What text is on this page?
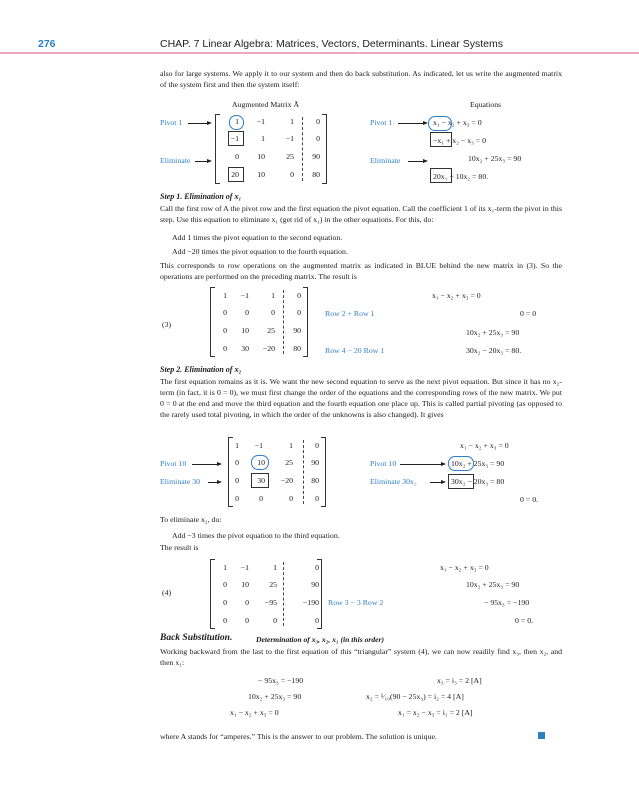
276	CHAP. 7 Linear Algebra: Matrices, Vectors, Determinants. Linear Systems

also for large systems. We apply it to our system and then do back substitution. As indicated, let us write the augmented matrix of the system first and then the system itself:

Augmented Matrix Ã	Equations
Pivot 1
Eliminate
1	−1	1	0
−1	1	−1	0
0	10	25	90
20	10	0	80
Pivot 1
Eliminate
x₁ − x₂ + x₃ = 0
−x₁ + x₂ − x₃ = 0
10x₂ + 25x₃ = 90
20x₁ + 10x₂ = 80.
Step 1. Elimination of x₁

Call the first row of A the pivot row and the first equation the pivot equation. Call the coefficient 1 of its x₁-term the pivot in this step. Use this equation to eliminate x₁ (get rid of x₁) in the other equations. For this, do:

Add 1 times the pivot equation to the second equation.

Add −20 times the pivot equation to the fourth equation.

This corresponds to row operations on the augmented matrix as indicated in BLUE behind the new matrix in (3). So the operations are performed on the preceding matrix. The result is

(3)
1	−1	1	0
0	0	0	0
0	10	25	90
0	30	−20	80
Row 2 + Row 1
Row 4 − 20 Row 1
x₁ − x₂ + x₃ = 0
0 = 0
10x₂ + 25x₃ = 90
30x₂ − 20x₃ = 80.
Step 2. Elimination of x₂

The first equation remains as it is. We want the new second equation to serve as the next pivot equation. But since it has no x₂-term (in fact, it is 0 = 0), we must first change the order of the equations and the corresponding rows of the new matrix. We put 0 = 0 at the end and move the third equation and the fourth equation one place up. This is called partial pivoting (as opposed to the rarely used total pivoting, in which the order of the unknowns is also changed). It gives

Pivot 10
Eliminate 30
1	−1	1	0
0	10	25	90
0	30	−20	80
0	0	0	0
Pivot 10
Eliminate 30x₂
x₁ − x₂ + x₃ = 0
10x₂ + 25x₃ = 90
30x₂ − 20x₃ = 80
0 = 0.

To eliminate x₂, do:

Add −3 times the pivot equation to the third equation.

The result is

(4)
1	−1	1	0
0	10	25	90
0	0	−95	−190
0	0	0	0
Row 3 − 3 Row 2
x₁ − x₂ + x₃ = 0
10x₂ + 25x₃ = 90
− 95x₃ = −190
0 = 0.
Back Substitution.	Determination of x₃, x₂, x₁ (in this order)

Working backward from the last to the first equation of this “triangular” system (4), we can now readily find x₃, then x₂, and then x₁:

− 95x₃ = −190
10x₂ + 25x₃ = 90
x₁ − x₂ + x₃ = 0
x₃ = i₃ = 2 [A]
x₂ = ¹⁄₁₀(90 − 25x₃) = i₂ = 4 [A]
x₁ = x₂ − x₃ = i₁ = 2 [A]

where A stands for “amperes.” This is the answer to our problem. The solution is unique.
